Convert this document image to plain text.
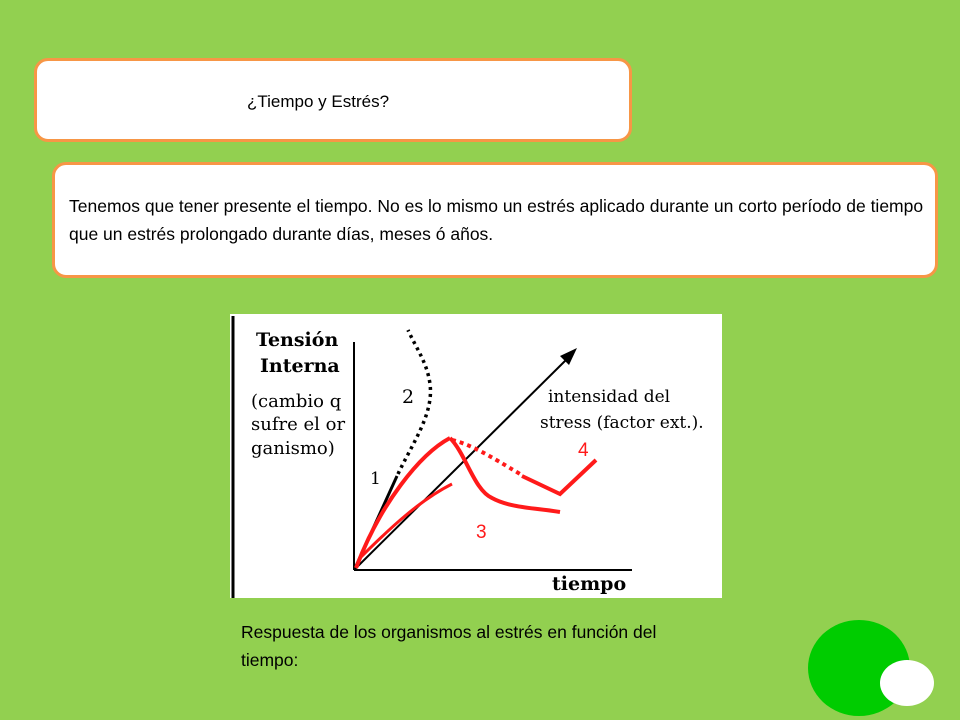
¿Tiempo y Estrés?
Tenemos que tener presente el tiempo. No es lo mismo un estrés aplicado durante un corto período de tiempo que un estrés prolongado durante días, meses ó años.
Tensión
Interna
(cambio q
sufre el or
ganismo)
tiempo
intensidad del
stress (factor ext.).
1
2
3
4
Respuesta de los organismos al estrés en función del tiempo:
